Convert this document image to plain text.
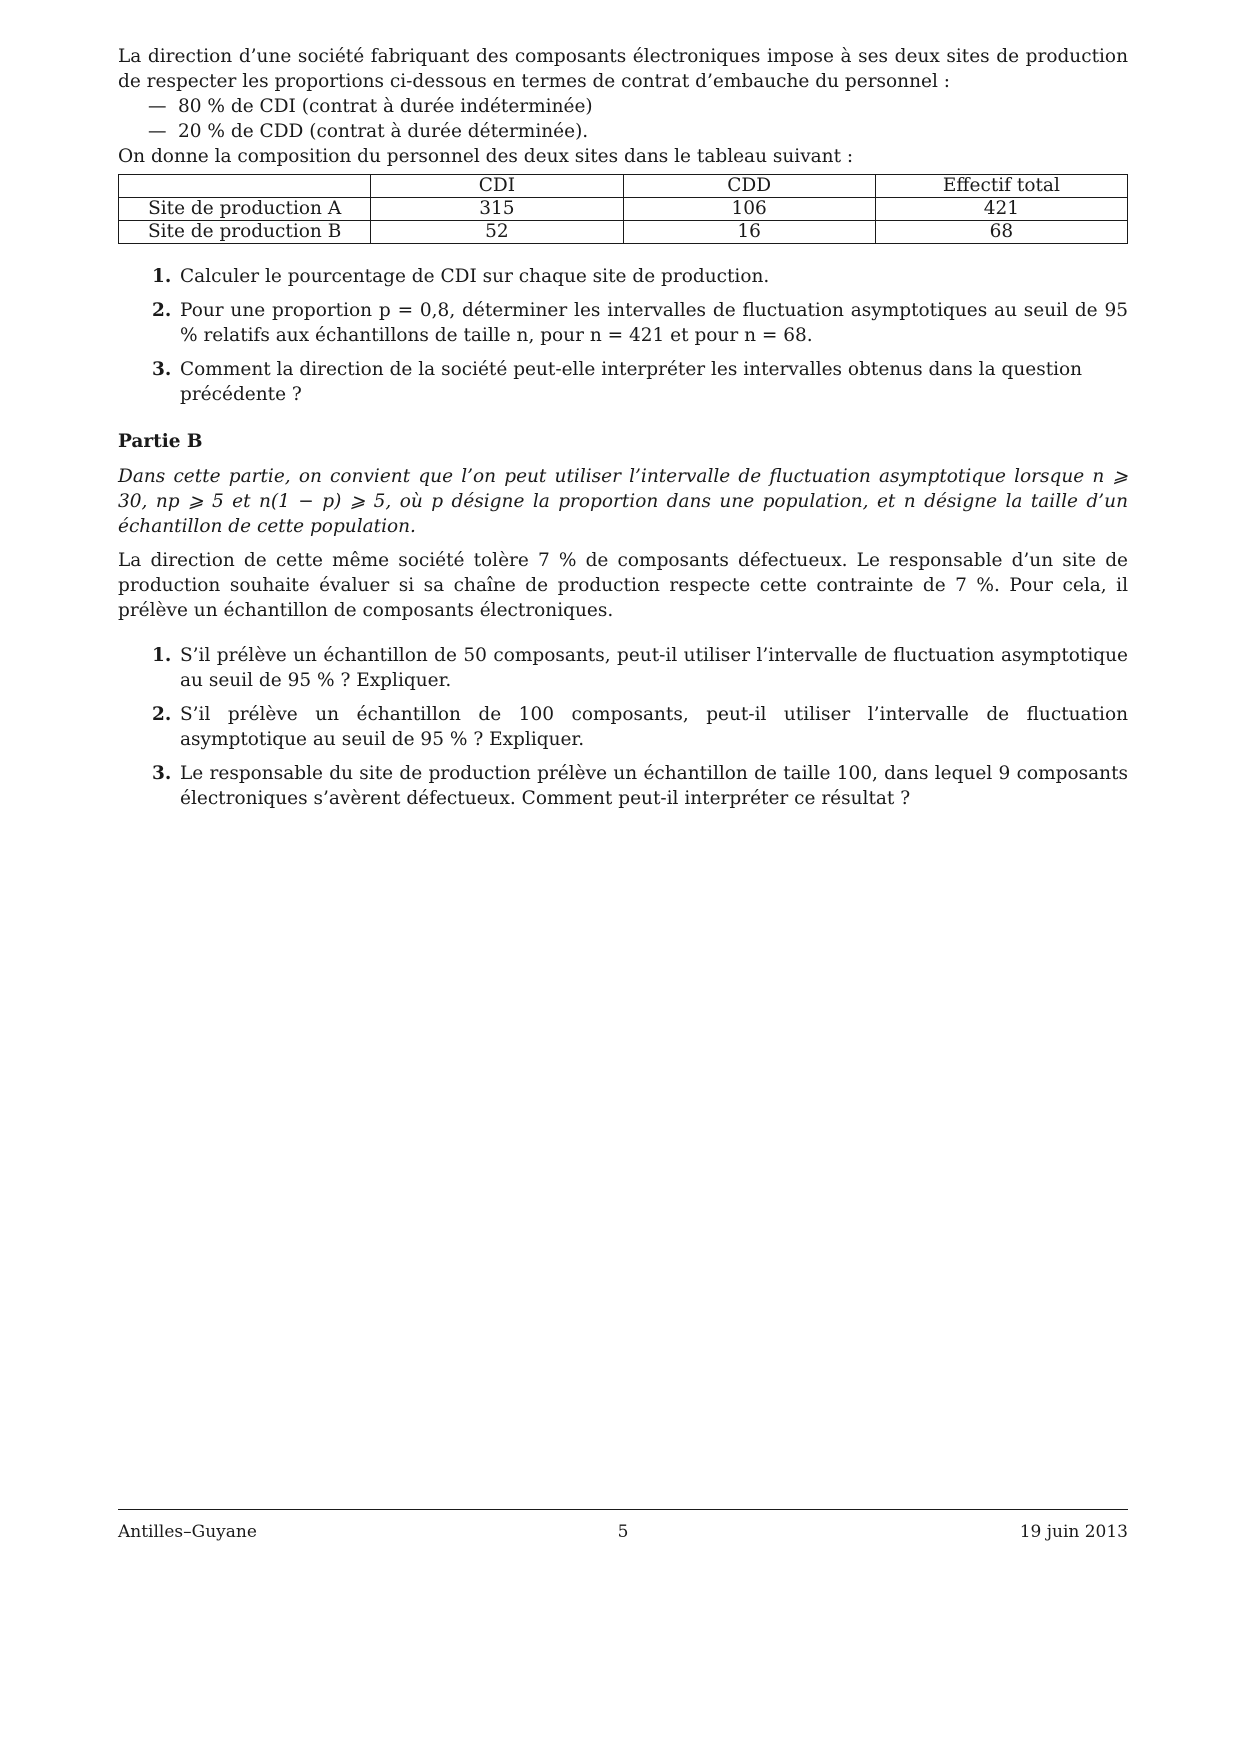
La direction d’une société fabriquant des composants électroniques impose à ses deux sites de production de respecter les proportions ci-dessous en termes de contrat d’embauche du personnel :

— 80 % de CDI (contrat à durée indéterminée)
— 20 % de CDD (contrat à durée déterminée).

On donne la composition du personnel des deux sites dans le tableau suivant :

	CDI	CDD	Effectif total
Site de production A	315	106	421
Site de production B	52	16	68
1. Calculer le pourcentage de CDI sur chaque site de production.
2. Pour une proportion p = 0,8, déterminer les intervalles de fluctuation asymptotiques au seuil de 95 % relatifs aux échantillons de taille n, pour n = 421 et pour n = 68.
3. Comment la direction de la société peut-elle interpréter les intervalles obtenus dans la question précédente ?

Partie B

Dans cette partie, on convient que l’on peut utiliser l’intervalle de fluctuation asymptotique lorsque n ⩾ 30, np ⩾ 5 et n(1 − p) ⩾ 5, où p désigne la proportion dans une population, et n désigne la taille d’un échantillon de cette population.

La direction de cette même société tolère 7 % de composants défectueux. Le responsable d’un site de production souhaite évaluer si sa chaîne de production respecte cette contrainte de 7 %. Pour cela, il prélève un échantillon de composants électroniques.

1. S’il prélève un échantillon de 50 composants, peut-il utiliser l’intervalle de fluctuation asymptotique au seuil de 95 % ? Expliquer.
2. S’il prélève un échantillon de 100 composants, peut-il utiliser l’intervalle de fluctuation asymptotique au seuil de 95 % ? Expliquer.
3. Le responsable du site de production prélève un échantillon de taille 100, dans lequel 9 composants électroniques s’avèrent défectueux. Comment peut-il interpréter ce résultat ?
Antilles–Guyane	5	19 juin 2013
